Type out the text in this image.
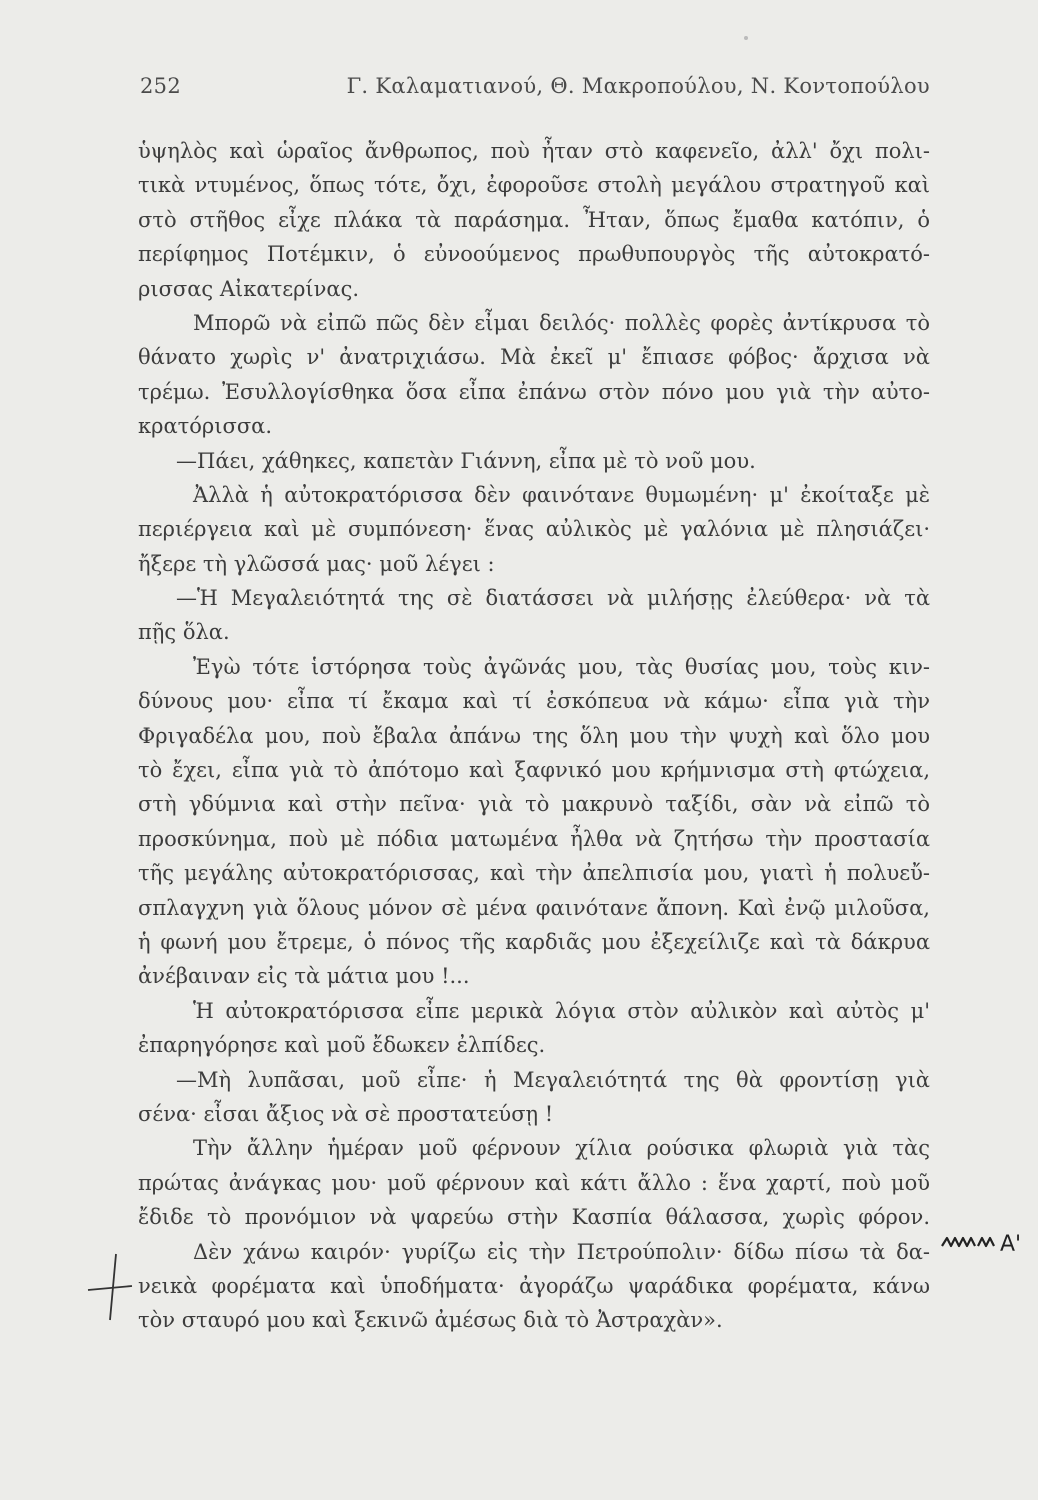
252	Γ. Καλαματιανού, Θ. Μακροπούλου, Ν. Κοντοπούλου
ὑψηλὸς καὶ ὡραῖος ἄνθρωπος, ποὺ ἦταν στὸ καφενεῖο, ἀλλ' ὄχι πολι-
τικὰ ντυμένος, ὅπως τότε, ὄχι, ἐφοροῦσε στολὴ μεγάλου στρατηγοῦ καὶ
στὸ στῆθος εἶχε πλάκα τὰ παράσημα. Ἦταν, ὅπως ἔμαθα κατόπιν, ὁ
περίφημος Ποτέμκιν, ὁ εὐνοούμενος πρωθυπουργὸς τῆς αὐτοκρατό-
ρισσας Αἰκατερίνας.
Μπορῶ νὰ εἰπῶ πῶς δὲν εἶμαι δειλός· πολλὲς φορὲς ἀντίκρυσα τὸ
θάνατο χωρὶς ν' ἀνατριχιάσω. Μὰ ἐκεῖ μ' ἔπιασε φόβος· ἄρχισα νὰ
τρέμω. Ἐσυλλογίσθηκα ὅσα εἶπα ἐπάνω στὸν πόνο μου γιὰ τὴν αὐτο-
κρατόρισσα.
—Πάει, χάθηκες, καπετὰν Γιάννη, εἶπα μὲ τὸ νοῦ μου.
Ἀλλὰ ἡ αὐτοκρατόρισσα δὲν φαινότανε θυμωμένη· μ' ἐκοίταξε μὲ
περιέργεια καὶ μὲ συμπόνεση· ἕνας αὐλικὸς μὲ γαλόνια μὲ πλησιάζει·
ἤξερε τὴ γλῶσσά μας· μοῦ λέγει :
—Ἡ Μεγαλειότητά της σὲ διατάσσει νὰ μιλήσῃς ἐλεύθερα· νὰ τὰ
πῇς ὅλα.
Ἐγὼ τότε ἱστόρησα τοὺς ἀγῶνάς μου, τὰς θυσίας μου, τοὺς κιν-
δύνους μου· εἶπα τί ἔκαμα καὶ τί ἐσκόπευα νὰ κάμω· εἶπα γιὰ τὴν
Φριγαδέλα μου, ποὺ ἔβαλα ἀπάνω της ὅλη μου τὴν ψυχὴ καὶ ὅλο μου
τὸ ἔχει, εἶπα γιὰ τὸ ἀπότομο καὶ ξαφνικό μου κρήμνισμα στὴ φτώχεια,
στὴ γδύμνια καὶ στὴν πεῖνα· γιὰ τὸ μακρυνὸ ταξίδι, σὰν νὰ εἰπῶ τὸ
προσκύνημα, ποὺ μὲ πόδια ματωμένα ἦλθα νὰ ζητήσω τὴν προστασία
τῆς μεγάλης αὐτοκρατόρισσας, καὶ τὴν ἀπελπισία μου, γιατὶ ἡ πολυεὔ-
σπλαγχνη γιὰ ὅλους μόνον σὲ μένα φαινότανε ἄπονη. Καὶ ἐνῷ μιλοῦσα,
ἡ φωνή μου ἔτρεμε, ὁ πόνος τῆς καρδιᾶς μου ἐξεχείλιζε καὶ τὰ δάκρυα
ἀνέβαιναν εἰς τὰ μάτια μου !...
Ἡ αὐτοκρατόρισσα εἶπε μερικὰ λόγια στὸν αὐλικὸν καὶ αὐτὸς μ'
ἐπαρηγόρησε καὶ μοῦ ἔδωκεν ἐλπίδες.
—Μὴ λυπᾶσαι, μοῦ εἶπε· ἡ Μεγαλειότητά της θὰ φροντίσῃ γιὰ
σένα· εἶσαι ἄξιος νὰ σὲ προστατεύσῃ !
Τὴν ἄλλην ἡμέραν μοῦ φέρνουν χίλια ρούσικα φλωριὰ γιὰ τὰς
πρώτας ἀνάγκας μου· μοῦ φέρνουν καὶ κάτι ἄλλο : ἕνα χαρτί, ποὺ μοῦ
ἔδιδε τὸ προνόμιον νὰ ψαρεύω στὴν Κασπία θάλασσα, χωρὶς φόρον.
Δὲν χάνω καιρόν· γυρίζω εἰς τὴν Πετρούπολιν· δίδω πίσω τὰ δα-
νεικὰ φορέματα καὶ ὑποδήματα· ἀγοράζω ψαράδικα φορέματα, κάνω
τὸν σταυρό μου καὶ ξεκινῶ ἀμέσως διὰ τὸ Ἀστραχὰν».
Α'
